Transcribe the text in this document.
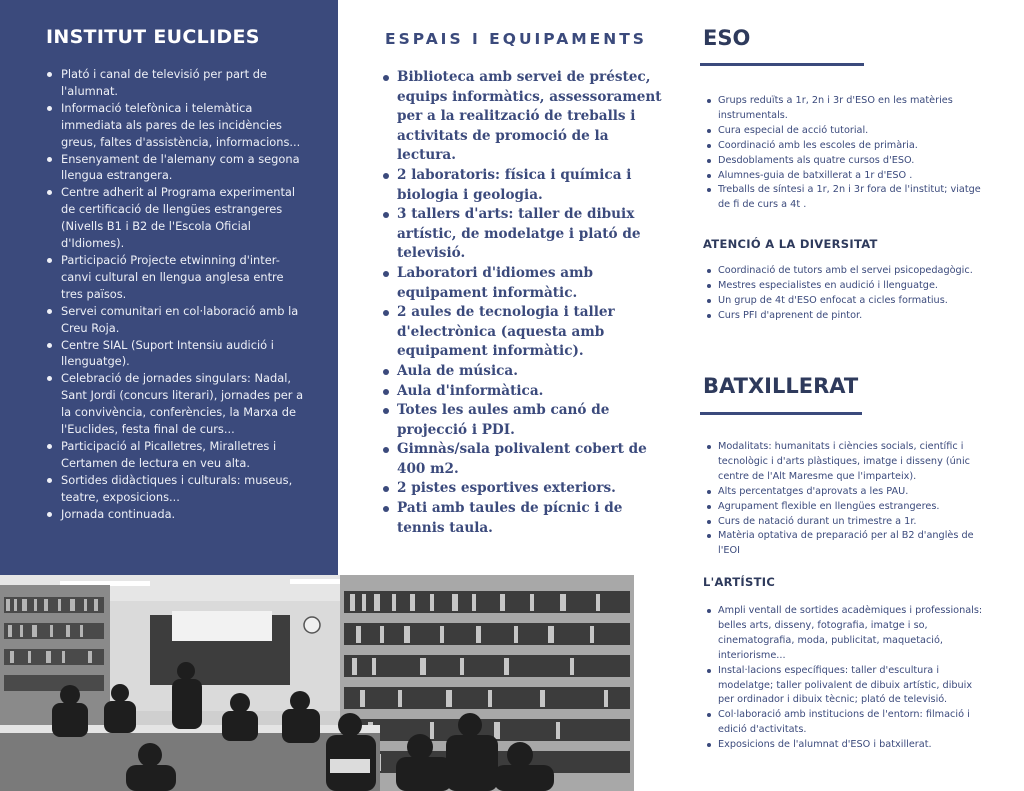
INSTITUT EUCLIDES
Plató i canal de televisió per part de l'alumnat.
Informació telefònica i telemàtica immediata als pares de les incidències greus, faltes d'assistència, informacions...
Ensenyament de l'alemany com a segona llengua estrangera.
Centre adherit al Programa experimental de certificació de llengües estrangeres (Nivells B1 i B2 de l'Escola Oficial d'Idiomes).
Participació Projecte etwinning d'inter-canvi cultural en llengua anglesa entre tres països.
Servei comunitari en col·laboració amb la Creu Roja.
Centre SIAL (Suport Intensiu audició i llenguatge).
Celebració de jornades singulars: Nadal, Sant Jordi (concurs literari), jornades per a la convivència, conferències, la Marxa de l'Euclides, festa final de curs...
Participació al Picalletres, Miralletres i Certamen de lectura en veu alta.
Sortides didàctiques i culturals: museus, teatre, exposicions...
Jornada continuada.
ESPAIS I EQUIPAMENTS
Biblioteca amb servei de préstec, equips informàtics, assessorament per a la realització de treballs i activitats de promoció de la lectura.
2 laboratoris: física i química i biologia i geologia.
3 tallers d'arts: taller de dibuix artístic, de modelatge i plató de televisió.
Laboratori d'idiomes amb equipament informàtic.
2 aules de tecnologia i taller d'electrònica (aquesta amb equipament informàtic).
Aula de música.
Aula d'informàtica.
Totes les aules amb canó de projecció i PDI.
Gimnàs/sala polivalent cobert de 400 m2.
2 pistes esportives exteriors.
Pati amb taules de pícnic i de tennis taula.
ESO
Grups reduïts a 1r, 2n i 3r d'ESO en les matèries instrumentals.
Cura especial de acció tutorial.
Coordinació amb les escoles de primària.
Desdoblaments als quatre cursos d'ESO.
Alumnes-guia de batxillerat a 1r d'ESO .
Treballs de síntesi a 1r, 2n i 3r fora de l'institut; viatge de fi de curs a 4t .
ATENCIÓ A LA DIVERSITAT
Coordinació de tutors amb el servei psicopedagògic.
Mestres especialistes en audició i llenguatge.
Un grup de 4t d'ESO enfocat a cicles formatius.
Curs PFI d'aprenent de pintor.
BATXILLERAT
Modalitats: humanitats i ciències socials, científic i tecnològic i d'arts plàstiques, imatge i disseny (únic centre de l'Alt Maresme que l'imparteix).
Alts percentatges d'aprovats a les PAU.
Agrupament flexible en llengües estrangeres.
Curs de natació durant un trimestre a 1r.
Matèria optativa de preparació per al B2 d'anglès de l'EOI
L'ARTÍSTIC
Ampli ventall de sortides acadèmiques i professionals: belles arts, disseny, fotografia, imatge i so, cinematografia, moda, publicitat, maquetació, interiorisme...
Instal·lacions específiques: taller d'escultura i modelatge; taller polivalent de dibuix artístic, dibuix per ordinador i dibuix tècnic; plató de televisió.
Col·laboració amb institucions de l'entorn: filmació i edició d'activitats.
Exposicions de l'alumnat d'ESO i batxillerat.
